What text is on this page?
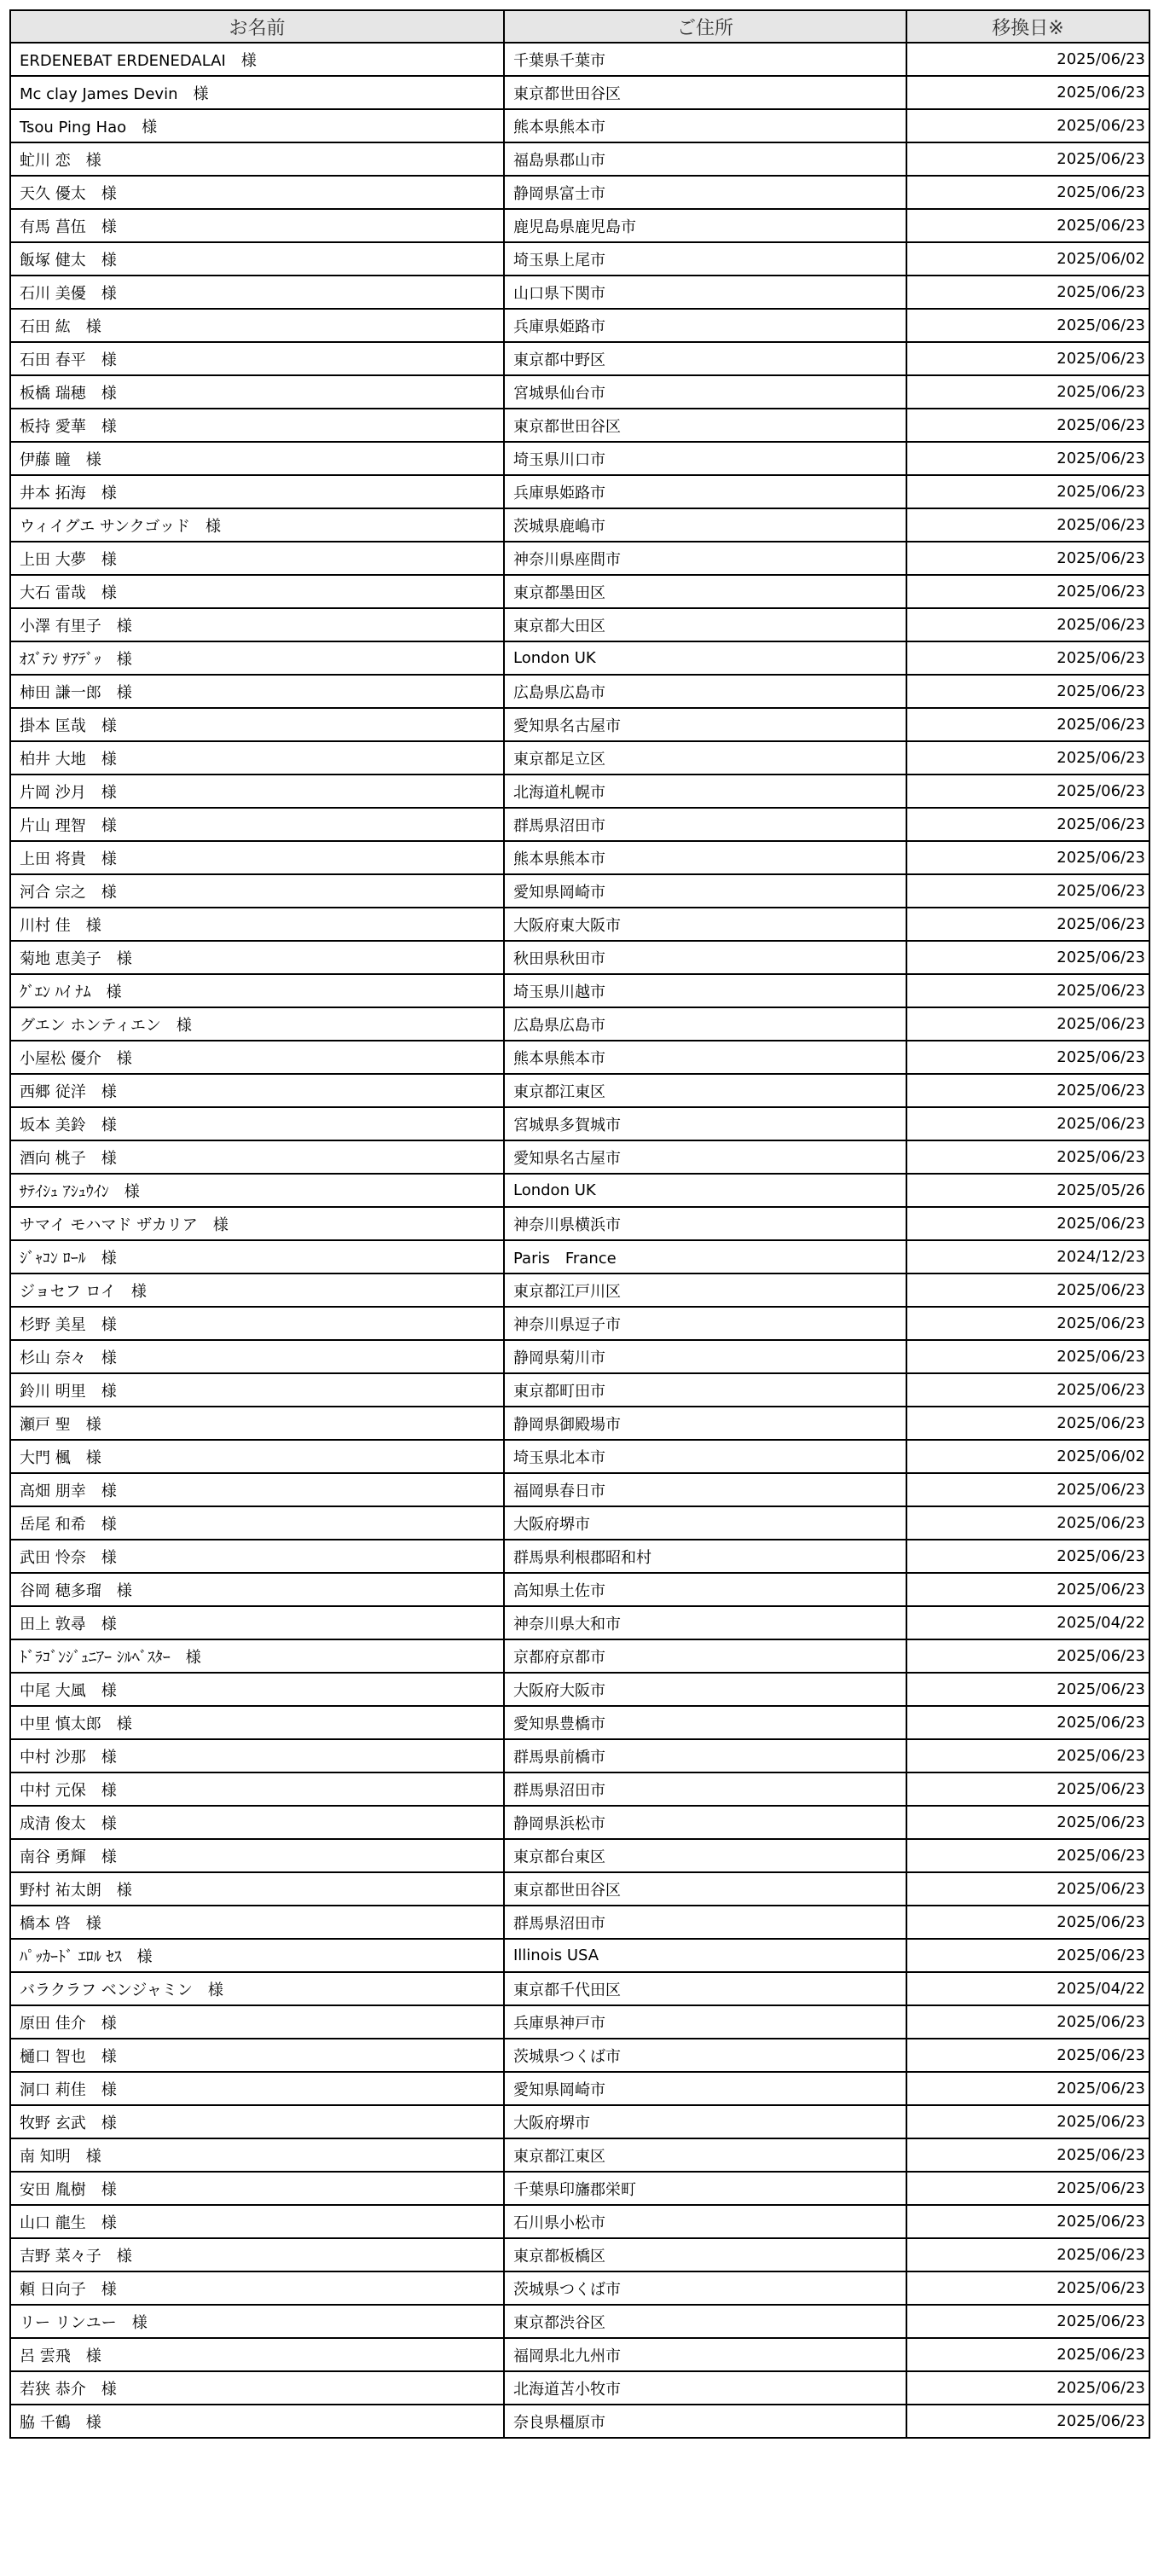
お名前	ご住所	移換日※
ERDENEBAT ERDENEDALAI　様	千葉県千葉市	2025/06/23
Mc clay James Devin　様	東京都世田谷区	2025/06/23
Tsou Ping Hao　様	熊本県熊本市	2025/06/23
虻川 恋　様	福島県郡山市	2025/06/23
天久 優太　様	静岡県富士市	2025/06/23
有馬 菖伍　様	鹿児島県鹿児島市	2025/06/23
飯塚 健太　様	埼玉県上尾市	2025/06/02
石川 美優　様	山口県下関市	2025/06/23
石田 紘　様	兵庫県姫路市	2025/06/23
石田 春平　様	東京都中野区	2025/06/23
板橋 瑞穂　様	宮城県仙台市	2025/06/23
板持 愛華　様	東京都世田谷区	2025/06/23
伊藤 瞳　様	埼玉県川口市	2025/06/23
井本 拓海　様	兵庫県姫路市	2025/06/23
ウィイグエ サンクゴッド　様	茨城県鹿嶋市	2025/06/23
上田 大夢　様	神奈川県座間市	2025/06/23
大石 雷哉　様	東京都墨田区	2025/06/23
小澤 有里子　様	東京都大田区	2025/06/23
ｵｽﾞﾃﾝ ｻｱﾃﾞｯ　様	London UK	2025/06/23
柿田 謙一郎　様	広島県広島市	2025/06/23
掛本 匡哉　様	愛知県名古屋市	2025/06/23
柏井 大地　様	東京都足立区	2025/06/23
片岡 沙月　様	北海道札幌市	2025/06/23
片山 理智　様	群馬県沼田市	2025/06/23
上田 将貴　様	熊本県熊本市	2025/06/23
河合 宗之　様	愛知県岡崎市	2025/06/23
川村 佳　様	大阪府東大阪市	2025/06/23
菊地 恵美子　様	秋田県秋田市	2025/06/23
ｸﾞｴﾝ ﾊｲ ﾅﾑ　様	埼玉県川越市	2025/06/23
グエン ホンティエン　様	広島県広島市	2025/06/23
小屋松 優介　様	熊本県熊本市	2025/06/23
西郷 従洋　様	東京都江東区	2025/06/23
坂本 美鈴　様	宮城県多賀城市	2025/06/23
酒向 桃子　様	愛知県名古屋市	2025/06/23
ｻﾃｲｼｭ ｱｼｭｳｲﾝ　様	London UK	2025/05/26
サマイ モハマド ザカリア　様	神奈川県横浜市	2025/06/23
ｼﾞｬｺﾝ ﾛｰﾙ　様	Paris　France	2024/12/23
ジョセフ ロイ　様	東京都江戸川区	2025/06/23
杉野 美星　様	神奈川県逗子市	2025/06/23
杉山 奈々　様	静岡県菊川市	2025/06/23
鈴川 明里　様	東京都町田市	2025/06/23
瀬戸 聖　様	静岡県御殿場市	2025/06/23
大門 楓　様	埼玉県北本市	2025/06/02
高畑 朋幸　様	福岡県春日市	2025/06/23
岳尾 和希　様	大阪府堺市	2025/06/23
武田 怜奈　様	群馬県利根郡昭和村	2025/06/23
谷岡 穂多瑠　様	高知県土佐市	2025/06/23
田上 敦尋　様	神奈川県大和市	2025/04/22
ﾄﾞﾗｺﾞﾝｼﾞｭﾆｱｰ ｼﾙﾍﾞｽﾀｰ　様	京都府京都市	2025/06/23
中尾 大風　様	大阪府大阪市	2025/06/23
中里 慎太郎　様	愛知県豊橋市	2025/06/23
中村 沙那　様	群馬県前橋市	2025/06/23
中村 元保　様	群馬県沼田市	2025/06/23
成清 俊太　様	静岡県浜松市	2025/06/23
南谷 勇輝　様	東京都台東区	2025/06/23
野村 祐太朗　様	東京都世田谷区	2025/06/23
橋本 啓　様	群馬県沼田市	2025/06/23
ﾊﾟｯｶｰﾄﾞ ｴﾛﾙ ｾｽ　様	Illinois USA	2025/06/23
バラクラフ ベンジャミン　様	東京都千代田区	2025/04/22
原田 佳介　様	兵庫県神戸市	2025/06/23
樋口 智也　様	茨城県つくば市	2025/06/23
洞口 莉佳　様	愛知県岡崎市	2025/06/23
牧野 玄武　様	大阪府堺市	2025/06/23
南 知明　様	東京都江東区	2025/06/23
安田 胤樹　様	千葉県印旛郡栄町	2025/06/23
山口 龍生　様	石川県小松市	2025/06/23
吉野 菜々子　様	東京都板橋区	2025/06/23
頼 日向子　様	茨城県つくば市	2025/06/23
リー リンユー　様	東京都渋谷区	2025/06/23
呂 雲飛　様	福岡県北九州市	2025/06/23
若狭 恭介　様	北海道苫小牧市	2025/06/23
脇 千鶴　様	奈良県橿原市	2025/06/23
